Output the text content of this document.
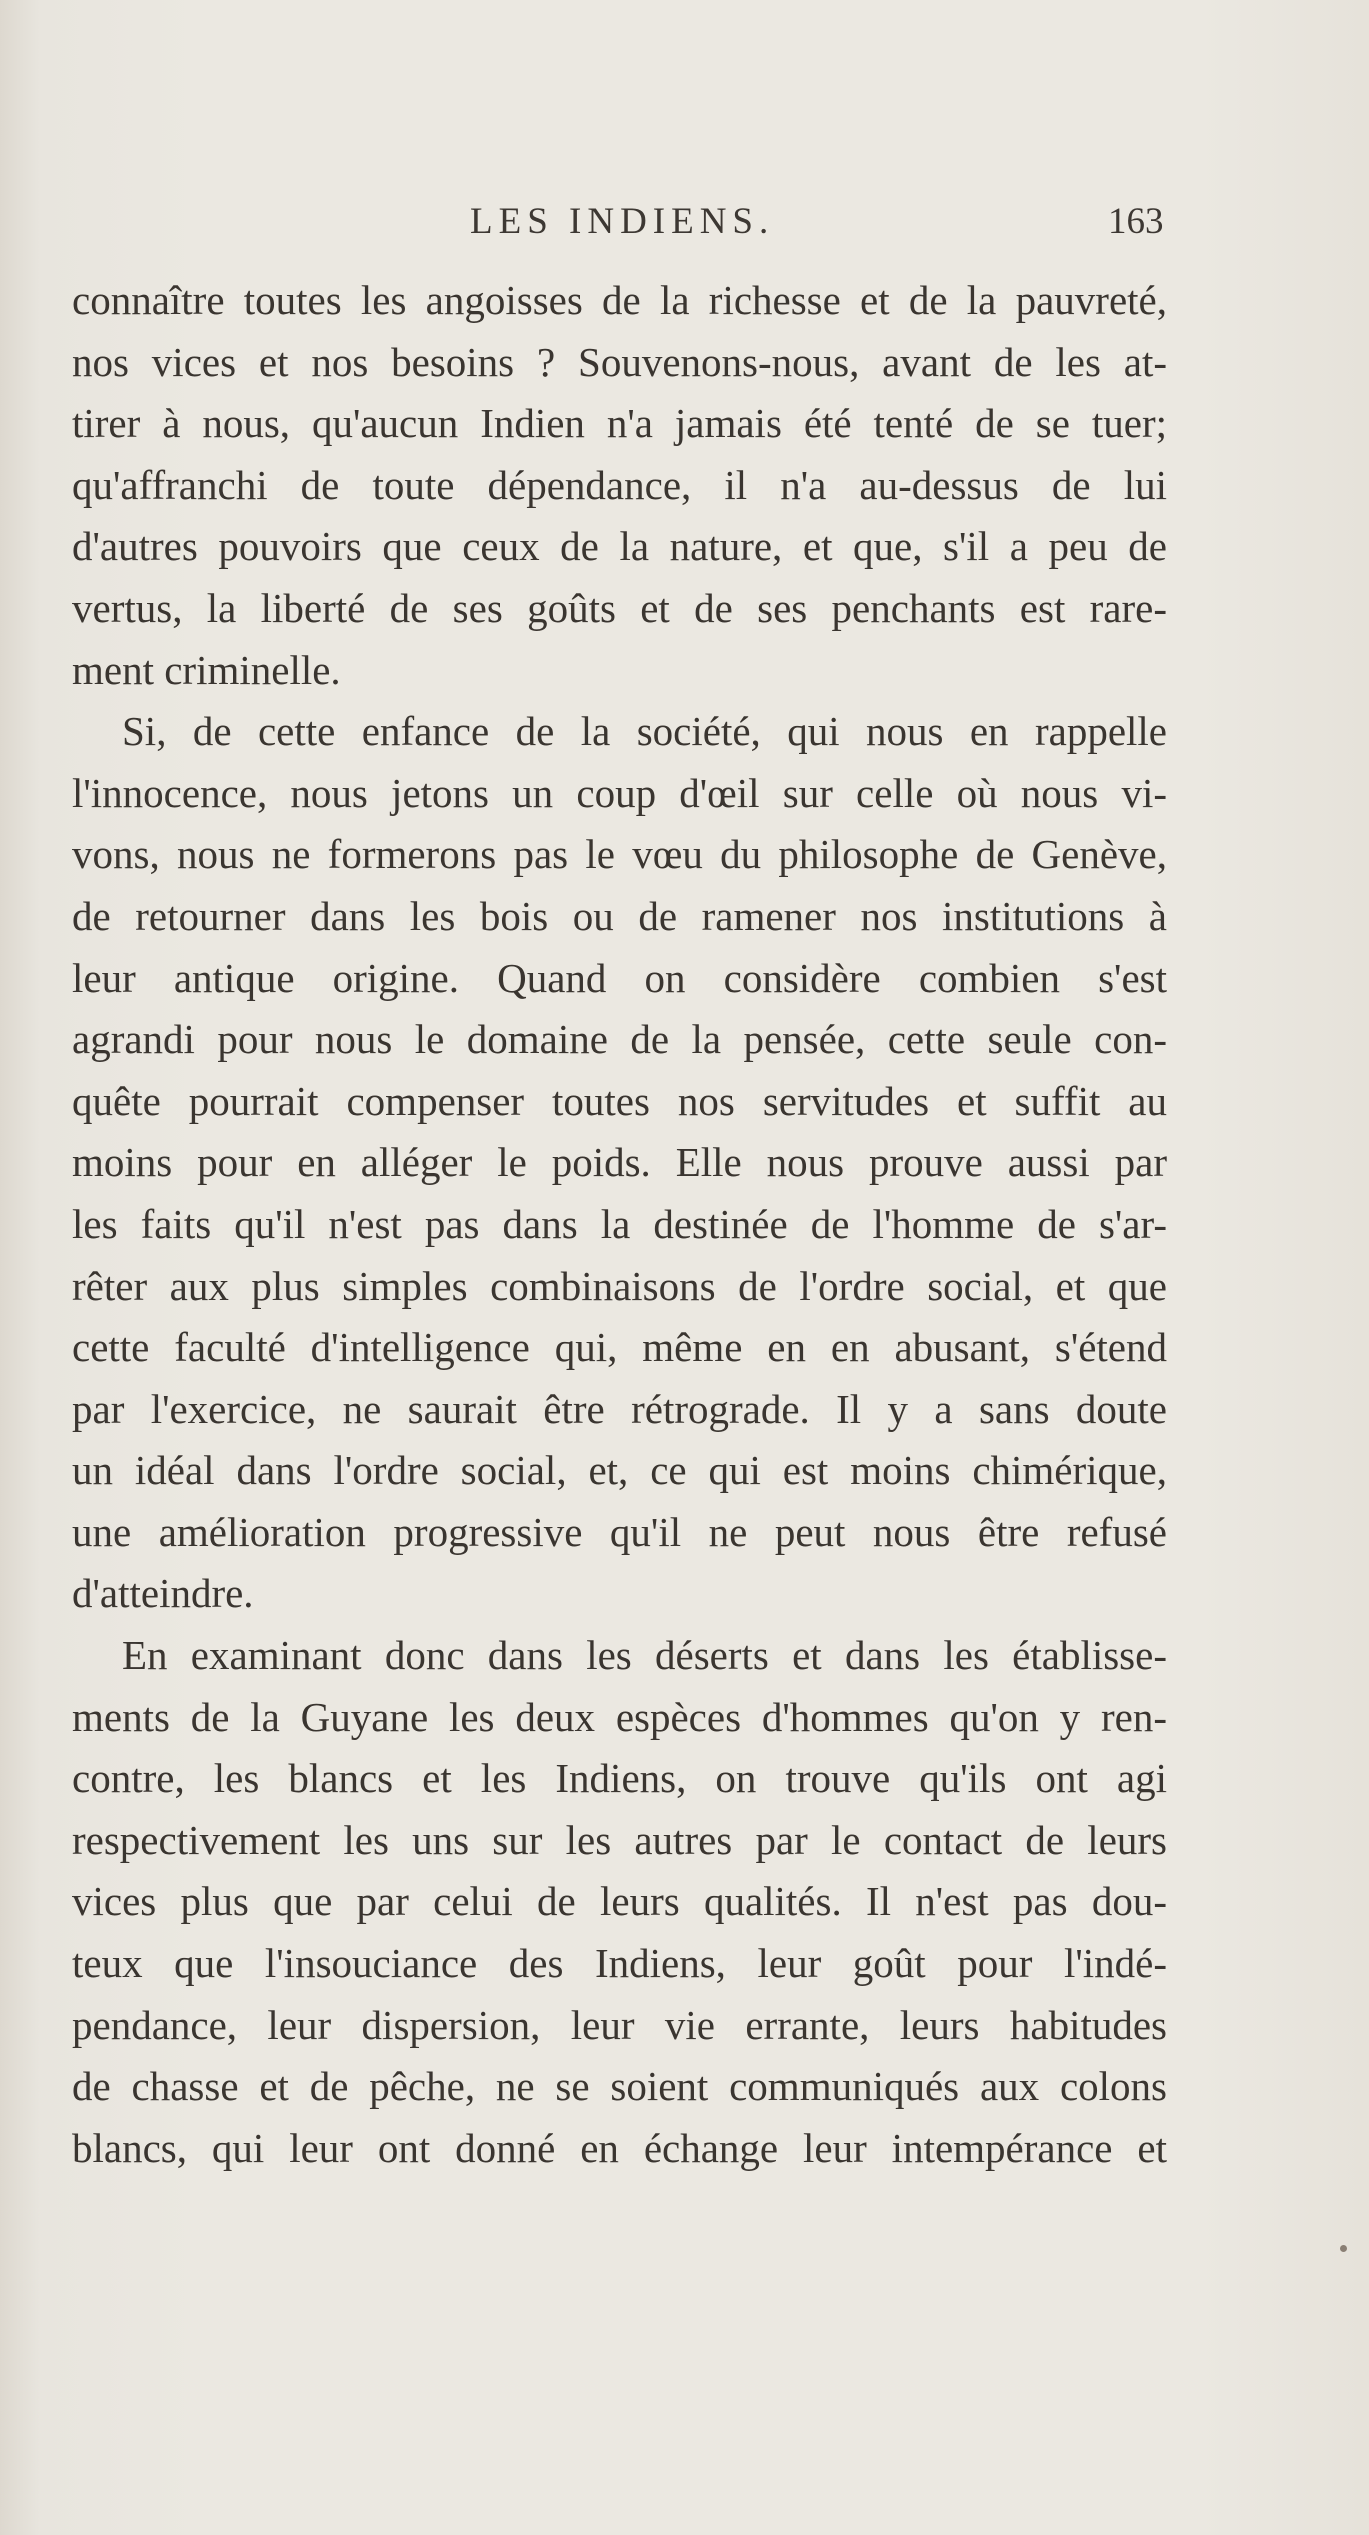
LES INDIENS.	163
connaître toutes les angoisses de la richesse et de la pauvreté,
nos vices et nos besoins ? Souvenons-nous, avant de les at-
tirer à nous, qu'aucun Indien n'a jamais été tenté de se tuer;
qu'affranchi de toute dépendance, il n'a au-dessus de lui
d'autres pouvoirs que ceux de la nature, et que, s'il a peu de
vertus, la liberté de ses goûts et de ses penchants est rare-
ment criminelle.
Si, de cette enfance de la société, qui nous en rappelle
l'innocence, nous jetons un coup d'œil sur celle où nous vi-
vons, nous ne formerons pas le vœu du philosophe de Genève,
de retourner dans les bois ou de ramener nos institutions à
leur antique origine. Quand on considère combien s'est
agrandi pour nous le domaine de la pensée, cette seule con-
quête pourrait compenser toutes nos servitudes et suffit au
moins pour en alléger le poids. Elle nous prouve aussi par
les faits qu'il n'est pas dans la destinée de l'homme de s'ar-
rêter aux plus simples combinaisons de l'ordre social, et que
cette faculté d'intelligence qui, même en en abusant, s'étend
par l'exercice, ne saurait être rétrograde. Il y a sans doute
un idéal dans l'ordre social, et, ce qui est moins chimérique,
une amélioration progressive qu'il ne peut nous être refusé
d'atteindre.
En examinant donc dans les déserts et dans les établisse-
ments de la Guyane les deux espèces d'hommes qu'on y ren-
contre, les blancs et les Indiens, on trouve qu'ils ont agi
respectivement les uns sur les autres par le contact de leurs
vices plus que par celui de leurs qualités. Il n'est pas dou-
teux que l'insouciance des Indiens, leur goût pour l'indé-
pendance, leur dispersion, leur vie errante, leurs habitudes
de chasse et de pêche, ne se soient communiqués aux colons
blancs, qui leur ont donné en échange leur intempérance et
